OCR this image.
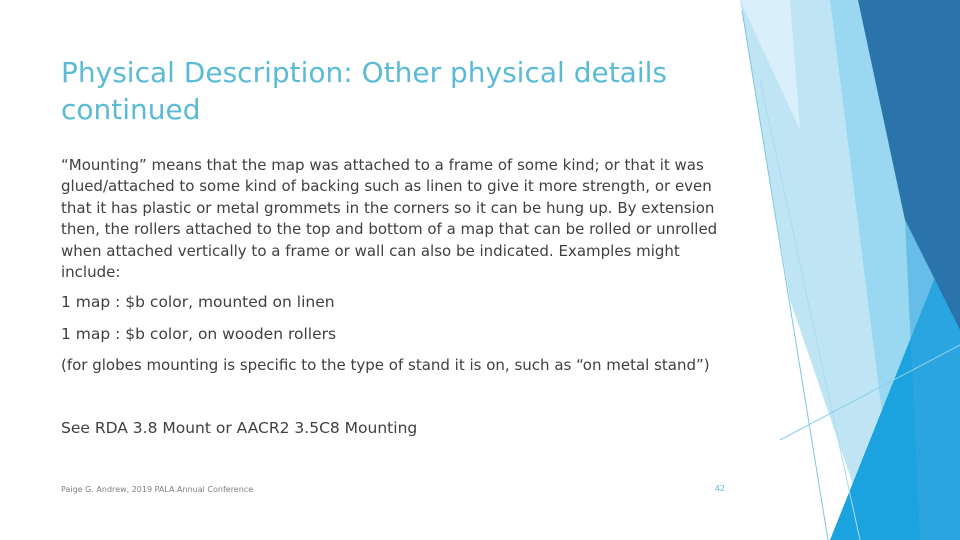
Physical Description: Other physical details continued

“Mounting” means that the map was attached to a frame of some kind; or that it was glued/attached to some kind of backing such as linen to give it more strength, or even that it has plastic or metal grommets in the corners so it can be hung up. By extension then, the rollers attached to the top and bottom of a map that can be rolled or unrolled when attached vertically to a frame or wall can also be indicated. Examples might include:

1 map : $b color, mounted on linen

1 map : $b color, on wooden rollers

(for globes mounting is specific to the type of stand it is on, such as “on metal stand”)

See RDA 3.8 Mount or AACR2 3.5C8 Mounting

Paige G. Andrew, 2019 PALA Annual Conference	42
